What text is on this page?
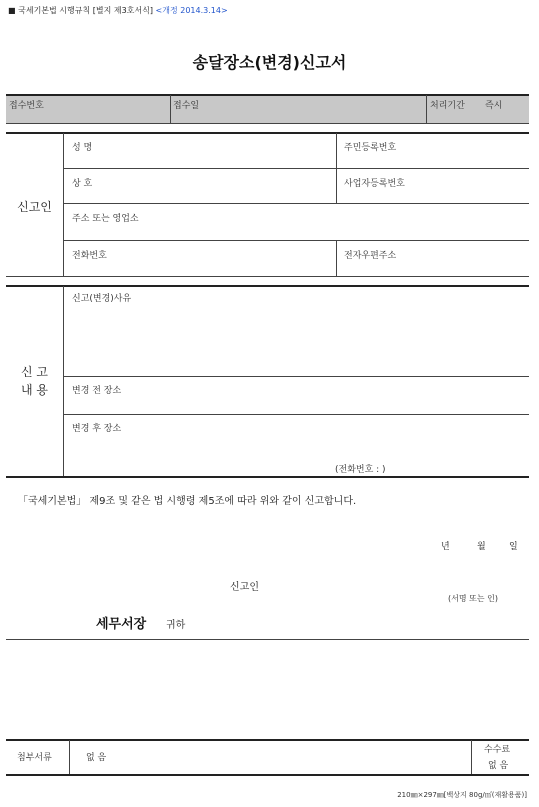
■ 국세기본법 시행규칙 [별지 제3호서식] <개정 2014.3.14>
송달장소(변경)신고서
접수번호	접수일	처리기간 즉시
신고인
성 명	주민등록번호
상 호	사업자등록번호
주소 또는 영업소
전화번호	전자우편주소
신 고
내 용
신고(변경)사유
변경 전 장소
변경 후 장소
(전화번호 : )
「국세기본법」 제9조 및 같은 법 시행령 제5조에 따라 위와 같이 신고합니다.
년	월	일
신고인
(서명 또는 인)
세무서장 귀하
첨부서류	없 음
수수료
없 음
210㎜×297㎜[백상지 80g/㎡(재활용품)]
